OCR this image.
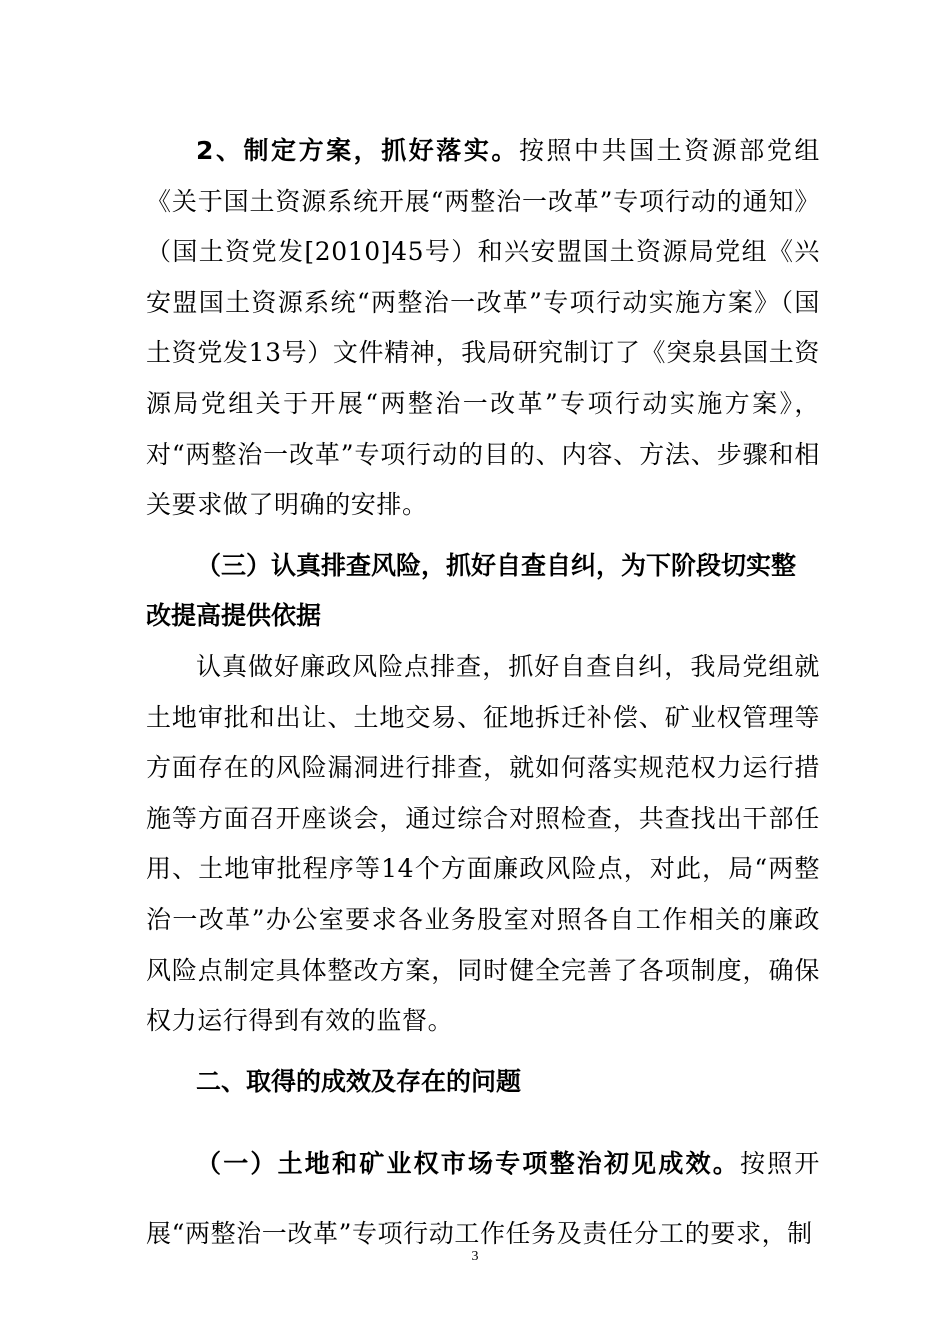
2、制定方案，抓好落实。按照中共国土资源部党组《关于国土资源系统开展“两整治一改革”专项行动的通知》（国土资党发[2010]45号）和兴安盟国土资源局党组《兴安盟国土资源系统“两整治一改革”专项行动实施方案》（国土资党发13号）文件精神，我局研究制订了《突泉县国土资源局党组关于开展“两整治一改革”专项行动实施方案》，对“两整治一改革”专项行动的目的、内容、方法、步骤和相关要求做了明确的安排。

（三）认真排查风险，抓好自查自纠，为下阶段切实整改提高提供依据

认真做好廉政风险点排查，抓好自查自纠，我局党组就土地审批和出让、土地交易、征地拆迁补偿、矿业权管理等方面存在的风险漏洞进行排查，就如何落实规范权力运行措施等方面召开座谈会，通过综合对照检查，共查找出干部任用、土地审批程序等14个方面廉政风险点，对此，局“两整治一改革”办公室要求各业务股室对照各自工作相关的廉政风险点制定具体整改方案，同时健全完善了各项制度，确保权力运行得到有效的监督。

二、取得的成效及存在的问题

（一）土地和矿业权市场专项整治初见成效。按照开展“两整治一改革”专项行动工作任务及责任分工的要求，制

3
